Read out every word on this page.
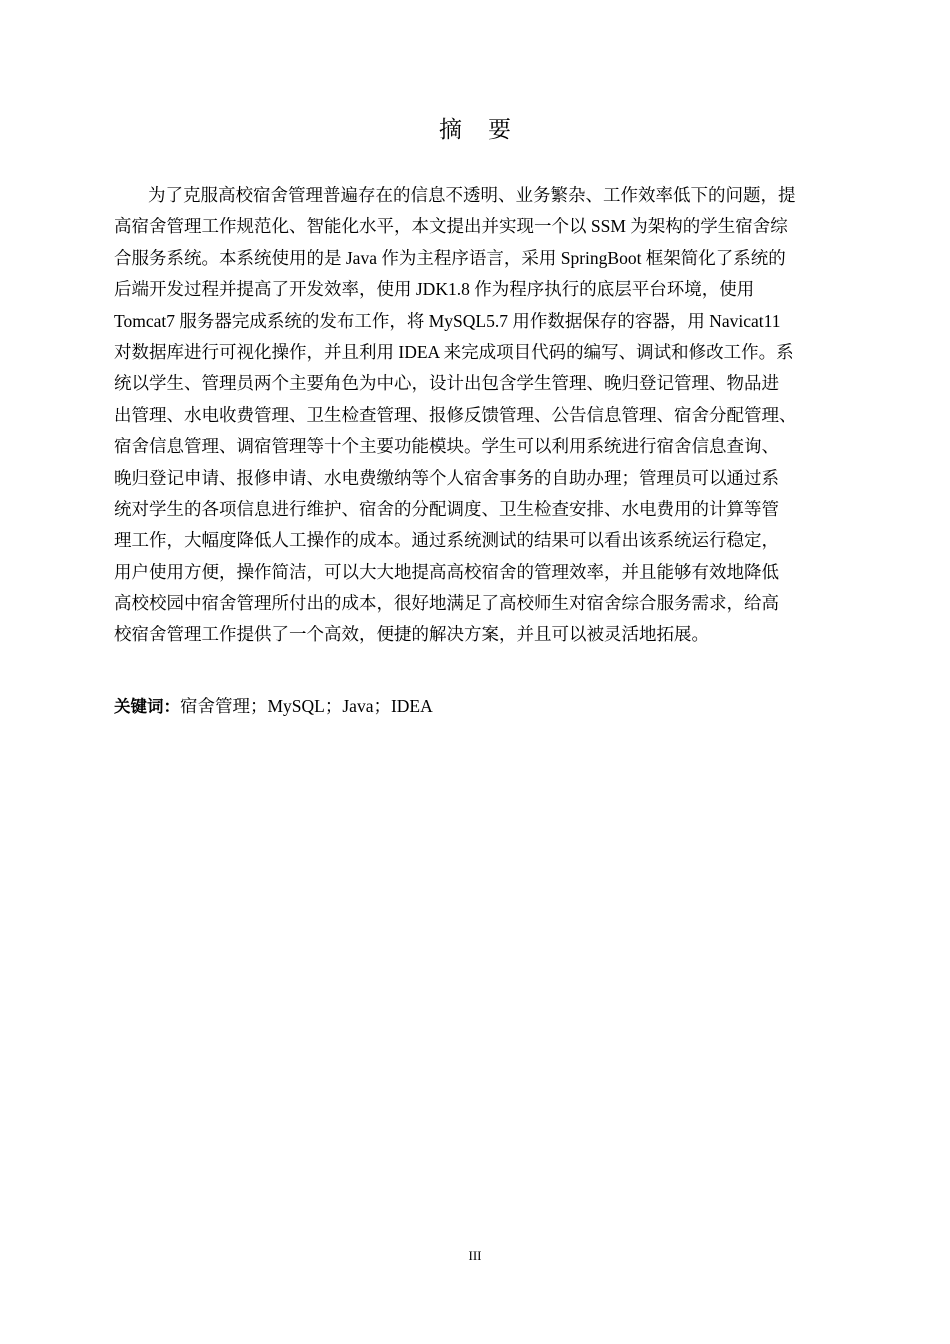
摘要
为了克服高校宿舍管理普遍存在的信息不透明、业务繁杂、工作效率低下的问题，提
高宿舍管理工作规范化、智能化水平，本文提出并实现一个以 SSM 为架构的学生宿舍综
合服务系统。本系统使用的是 Java 作为主程序语言，采用 SpringBoot 框架简化了系统的
后端开发过程并提高了开发效率，使用 JDK1.8 作为程序执行的底层平台环境，使用
Tomcat7 服务器完成系统的发布工作，将 MySQL5.7 用作数据保存的容器，用 Navicat11
对数据库进行可视化操作，并且利用 IDEA 来完成项目代码的编写、调试和修改工作。系
统以学生、管理员两个主要角色为中心，设计出包含学生管理、晚归登记管理、物品进
出管理、水电收费管理、卫生检查管理、报修反馈管理、公告信息管理、宿舍分配管理、
宿舍信息管理、调宿管理等十个主要功能模块。学生可以利用系统进行宿舍信息查询、
晚归登记申请、报修申请、水电费缴纳等个人宿舍事务的自助办理；管理员可以通过系
统对学生的各项信息进行维护、宿舍的分配调度、卫生检查安排、水电费用的计算等管
理工作，大幅度降低人工操作的成本。通过系统测试的结果可以看出该系统运行稳定，
用户使用方便，操作简洁，可以大大地提高高校宿舍的管理效率，并且能够有效地降低
高校校园中宿舍管理所付出的成本，很好地满足了高校师生对宿舍综合服务需求，给高
校宿舍管理工作提供了一个高效，便捷的解决方案，并且可以被灵活地拓展。
关键词：宿舍管理；MySQL；Java；IDEA
III
